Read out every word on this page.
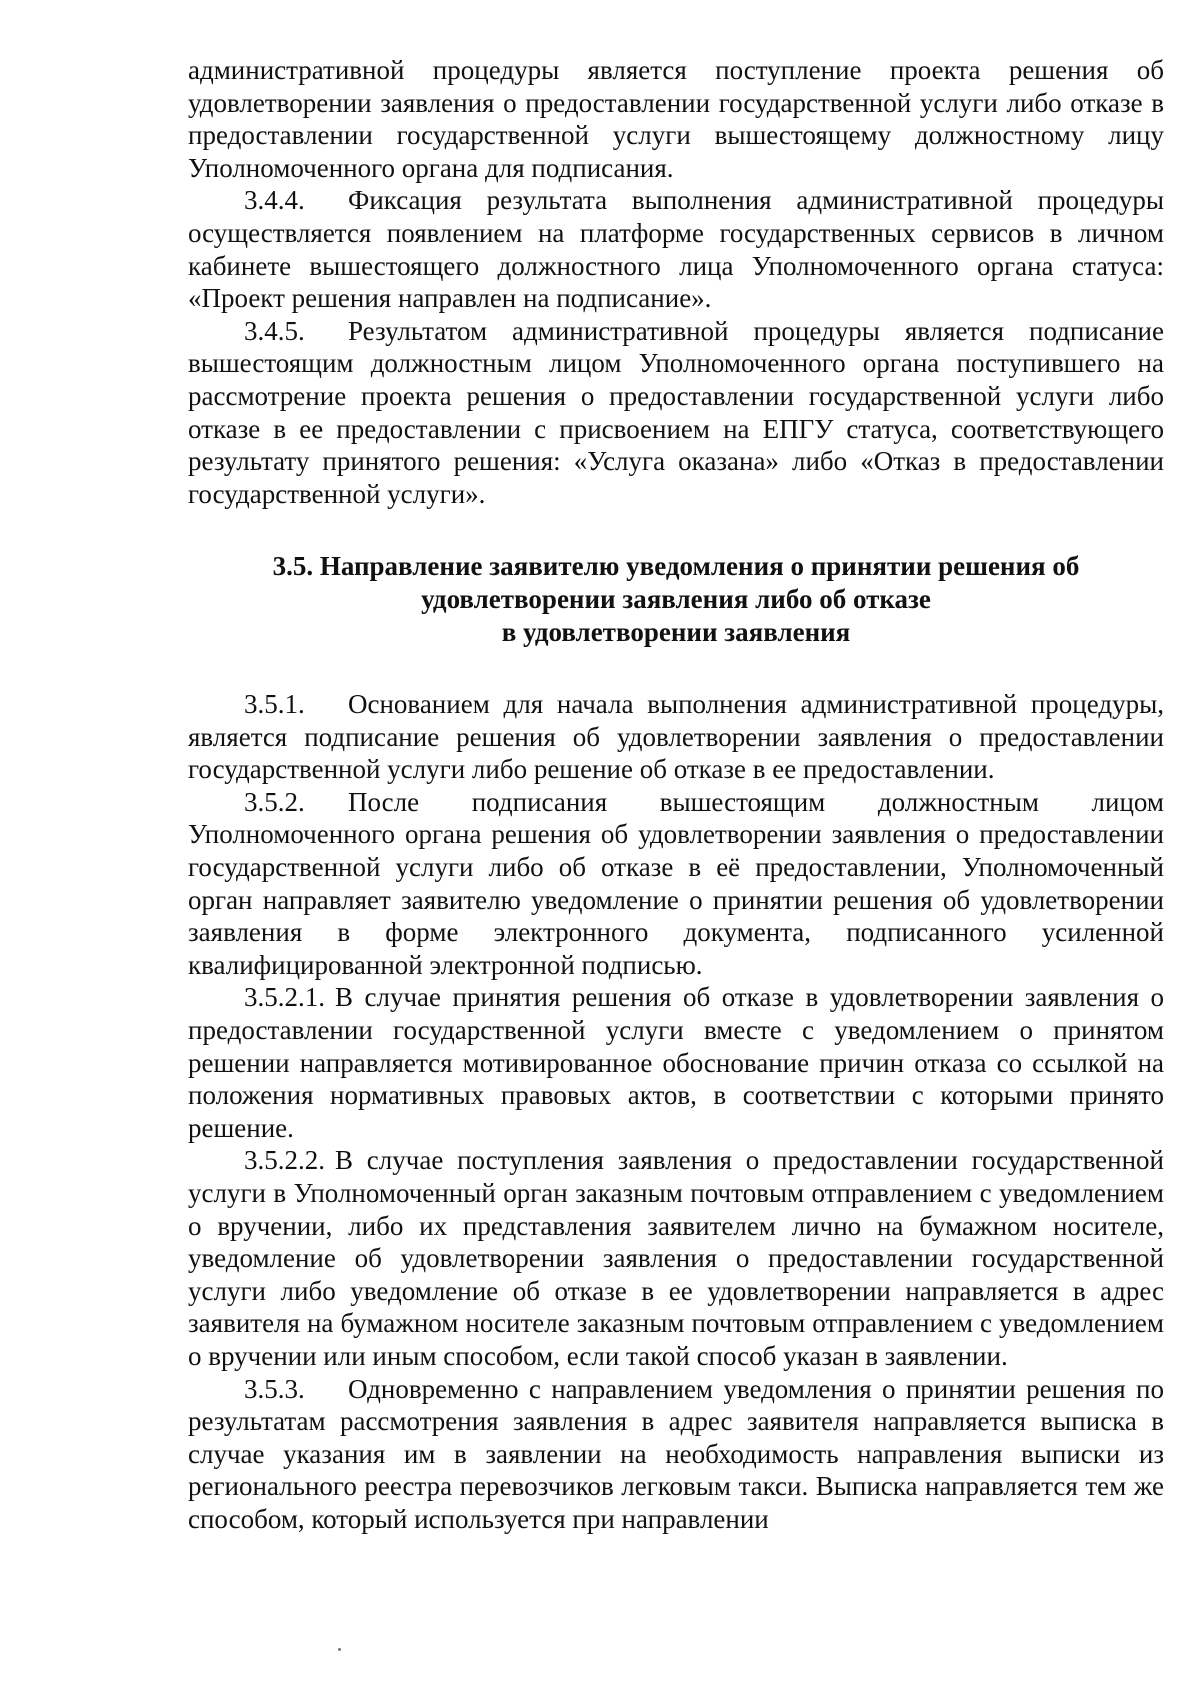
административной процедуры является поступление проекта решения об удовлетворении заявления о предоставлении государственной услуги либо отказе в предоставлении государственной услуги вышестоящему должностному лицу Уполномоченного органа для подписания.

3.4.4. Фиксация результата выполнения административной процедуры осуществляется появлением на платформе государственных сервисов в личном кабинете вышестоящего должностного лица Уполномоченного органа статуса: «Проект решения направлен на подписание».

3.4.5. Результатом административной процедуры является подписание вышестоящим должностным лицом Уполномоченного органа поступившего на рассмотрение проекта решения о предоставлении государственной услуги либо отказе в ее предоставлении с присвоением на ЕПГУ статуса, соответствующего результату принятого решения: «Услуга оказана» либо «Отказ в предоставлении государственной услуги».

3.5. Направление заявителю уведомления о принятии решения об
удовлетворении заявления либо об отказе
в удовлетворении заявления

3.5.1. Основанием для начала выполнения административной процедуры, является подписание решения об удовлетворении заявления о предоставлении государственной услуги либо решение об отказе в ее предоставлении.

3.5.2. После подписания вышестоящим должностным лицом Уполномоченного органа решения об удовлетворении заявления о предоставлении государственной услуги либо об отказе в её предоставлении, Уполномоченный орган направляет заявителю уведомление о принятии решения об удовлетворении заявления в форме электронного документа, подписанного усиленной квалифицированной электронной подписью.

3.5.2.1. В случае принятия решения об отказе в удовлетворении заявления о предоставлении государственной услуги вместе с уведомлением о принятом решении направляется мотивированное обоснование причин отказа со ссылкой на положения нормативных правовых актов, в соответствии с которыми принято решение.

3.5.2.2. В случае поступления заявления о предоставлении государственной услуги в Уполномоченный орган заказным почтовым отправлением с уведомлением о вручении, либо их представления заявителем лично на бумажном носителе, уведомление об удовлетворении заявления о предоставлении государственной услуги либо уведомление об отказе в ее удовлетворении направляется в адрес заявителя на бумажном носителе заказным почтовым отправлением с уведомлением о вручении или иным способом, если такой способ указан в заявлении.

3.5.3. Одновременно с направлением уведомления о принятии решения по результатам рассмотрения заявления в адрес заявителя направляется выписка в случае указания им в заявлении на необходимость направления выписки из регионального реестра перевозчиков легковым такси. Выписка направляется тем же способом, который используется при направлении
